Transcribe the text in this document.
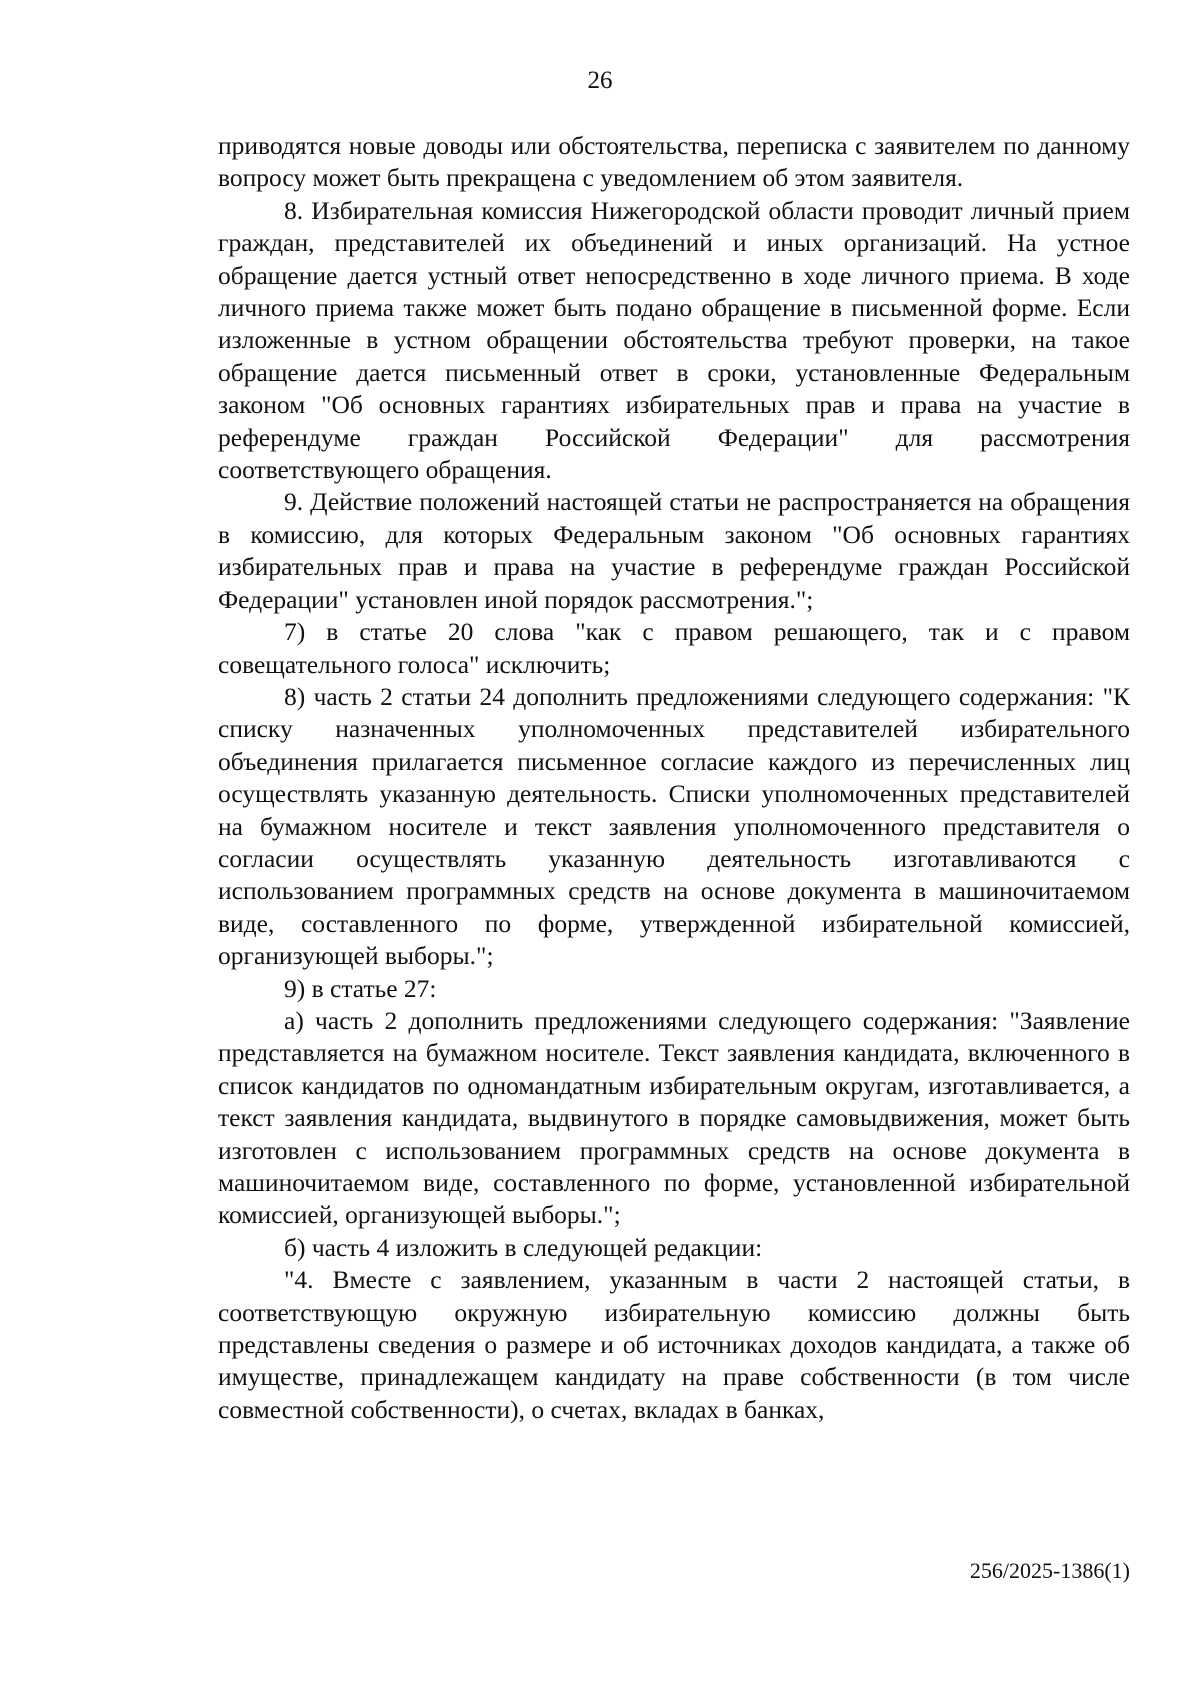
26

приводятся новые доводы или обстоятельства, переписка с заявителем по данному вопросу может быть прекращена с уведомлением об этом заявителя.

8. Избирательная комиссия Нижегородской области проводит личный прием граждан, представителей их объединений и иных организаций. На устное обращение дается устный ответ непосредственно в ходе личного приема. В ходе личного приема также может быть подано обращение в письменной форме. Если изложенные в устном обращении обстоятельства требуют проверки, на такое обращение дается письменный ответ в сроки, установленные Федеральным законом "Об основных гарантиях избирательных прав и права на участие в референдуме граждан Российской Федерации" для рассмотрения соответствующего обращения.

9. Действие положений настоящей статьи не распространяется на обращения в комиссию, для которых Федеральным законом "Об основных гарантиях избирательных прав и права на участие в референдуме граждан Российской Федерации" установлен иной порядок рассмотрения.";

7) в статье 20 слова "как с правом решающего, так и с правом совещательного голоса" исключить;

8) часть 2 статьи 24 дополнить предложениями следующего содержания: "К списку назначенных уполномоченных представителей избирательного объединения прилагается письменное согласие каждого из перечисленных лиц осуществлять указанную деятельность. Списки уполномоченных представителей на бумажном носителе и текст заявления уполномоченного представителя о согласии осуществлять указанную деятельность изготавливаются с использованием программных средств на основе документа в машиночитаемом виде, составленного по форме, утвержденной избирательной комиссией, организующей выборы.";

9) в статье 27:

а) часть 2 дополнить предложениями следующего содержания: "Заявление представляется на бумажном носителе. Текст заявления кандидата, включенного в список кандидатов по одномандатным избирательным округам, изготавливается, а текст заявления кандидата, выдвинутого в порядке самовыдвижения, может быть изготовлен с использованием программных средств на основе документа в машиночитаемом виде, составленного по форме, установленной избирательной комиссией, организующей выборы.";

б) часть 4 изложить в следующей редакции:

"4. Вместе с заявлением, указанным в части 2 настоящей статьи, в соответствующую окружную избирательную комиссию должны быть представлены сведения о размере и об источниках доходов кандидата, а также об имуществе, принадлежащем кандидату на праве собственности (в том числе совместной собственности), о счетах, вкладах в банках,

256/2025-1386(1)
